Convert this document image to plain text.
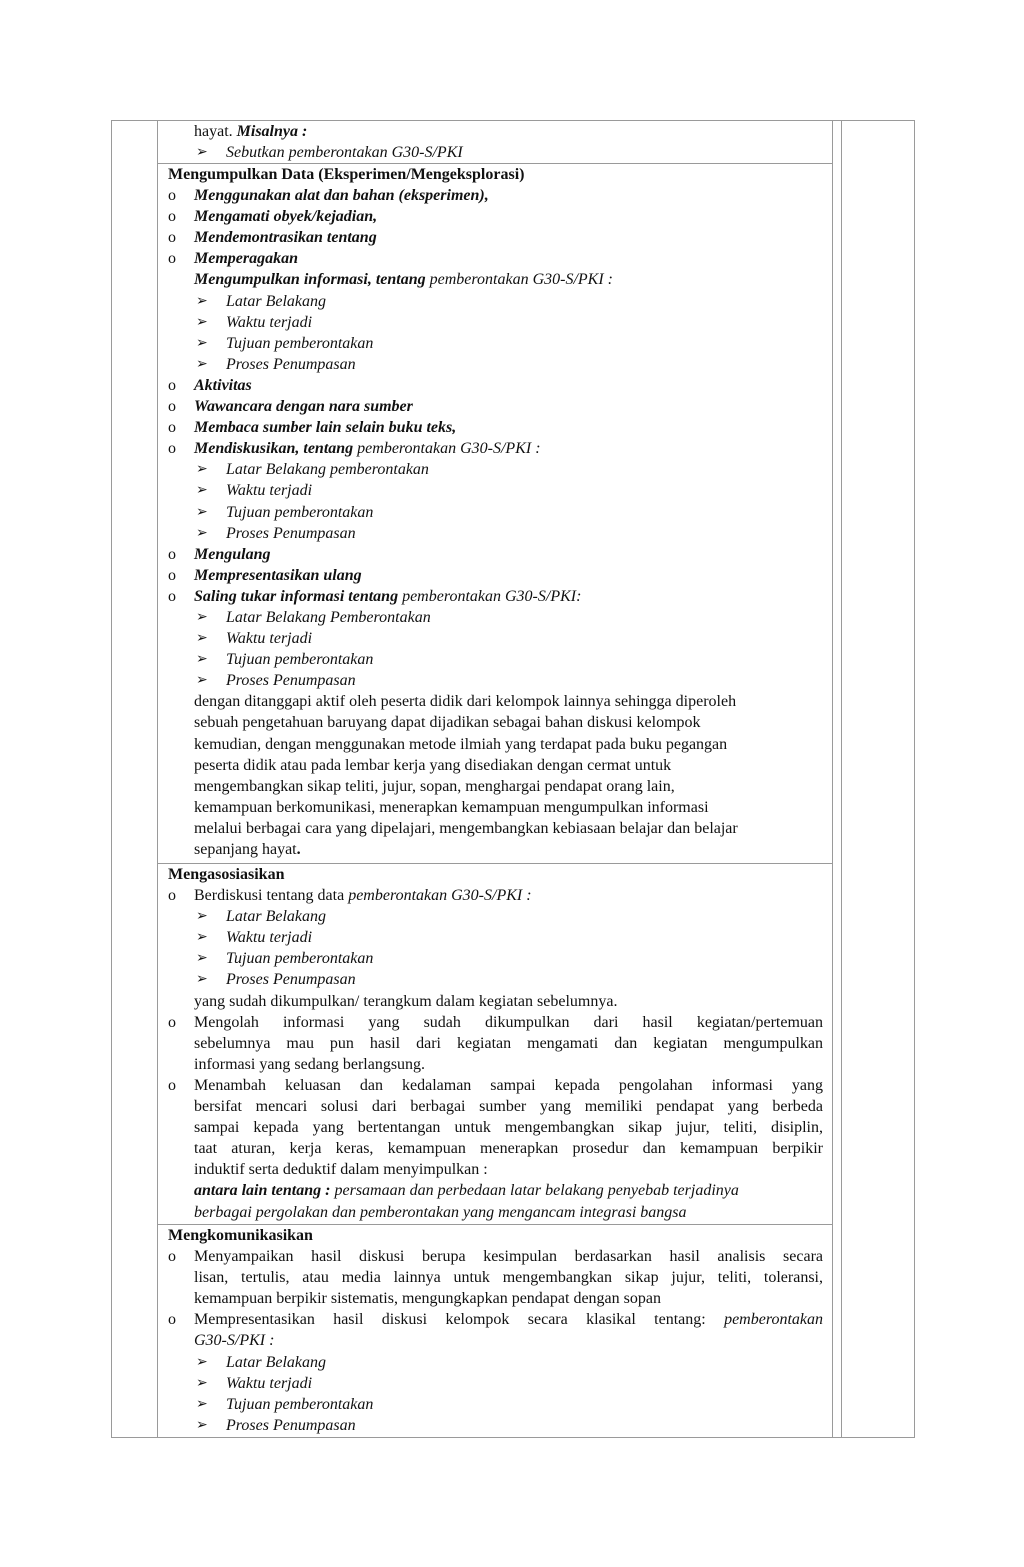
hayat. Misalnya :
➢	Sebutkan pemberontakan G30-S/PKI
Mengumpulkan Data (Eksperimen/Mengeksplorasi)
o	Menggunakan alat dan bahan (eksperimen),
o	Mengamati obyek/kejadian,
o	Mendemontrasikan tentang
o	Memperagakan
Mengumpulkan informasi, tentang pemberontakan G30-S/PKI :
➢	Latar Belakang
➢	Waktu terjadi
➢	Tujuan pemberontakan
➢	Proses Penumpasan
o	Aktivitas
o	Wawancara dengan nara sumber
o	Membaca sumber lain selain buku teks,
o	Mendiskusikan, tentang pemberontakan G30-S/PKI :
➢	Latar Belakang pemberontakan
➢	Waktu terjadi
➢	Tujuan pemberontakan
➢	Proses Penumpasan
o	Mengulang
o	Mempresentasikan ulang
o	Saling tukar informasi tentang pemberontakan G30-S/PKI:
➢	Latar Belakang Pemberontakan
➢	Waktu terjadi
➢	Tujuan pemberontakan
➢	Proses Penumpasan
dengan ditanggapi aktif oleh peserta didik dari kelompok lainnya sehingga diperoleh
sebuah pengetahuan baruyang dapat dijadikan sebagai bahan diskusi kelompok
kemudian, dengan menggunakan metode ilmiah yang terdapat pada buku pegangan
peserta didik atau pada lembar kerja yang disediakan dengan cermat untuk
mengembangkan sikap teliti, jujur, sopan, menghargai pendapat orang lain,
kemampuan berkomunikasi, menerapkan kemampuan mengumpulkan informasi
melalui berbagai cara yang dipelajari, mengembangkan kebiasaan belajar dan belajar
sepanjang hayat.
Mengasosiasikan
o	Berdiskusi tentang data pemberontakan G30-S/PKI :
➢	Latar Belakang
➢	Waktu terjadi
➢	Tujuan pemberontakan
➢	Proses Penumpasan
yang sudah dikumpulkan/ terangkum dalam kegiatan sebelumnya.
o	Mengolah informasi yang sudah dikumpulkan dari hasil kegiatan/pertemuan
sebelumnya mau pun hasil dari kegiatan mengamati dan kegiatan mengumpulkan
informasi yang sedang berlangsung.
o	Menambah keluasan dan kedalaman sampai kepada pengolahan informasi yang
bersifat mencari solusi dari berbagai sumber yang memiliki pendapat yang berbeda
sampai kepada yang bertentangan untuk mengembangkan sikap jujur, teliti, disiplin,
taat aturan, kerja keras, kemampuan menerapkan prosedur dan kemampuan berpikir
induktif serta deduktif dalam menyimpulkan :
antara lain tentang : persamaan dan perbedaan latar belakang penyebab terjadinya
berbagai pergolakan dan pemberontakan yang mengancam integrasi bangsa
Mengkomunikasikan
o	Menyampaikan hasil diskusi berupa kesimpulan berdasarkan hasil analisis secara
lisan, tertulis, atau media lainnya untuk mengembangkan sikap jujur, teliti, toleransi,
kemampuan berpikir sistematis, mengungkapkan pendapat dengan sopan
o	Mempresentasikan hasil diskusi kelompok secara klasikal tentang: pemberontakan
G30-S/PKI :
➢	Latar Belakang
➢	Waktu terjadi
➢	Tujuan pemberontakan
➢	Proses Penumpasan
